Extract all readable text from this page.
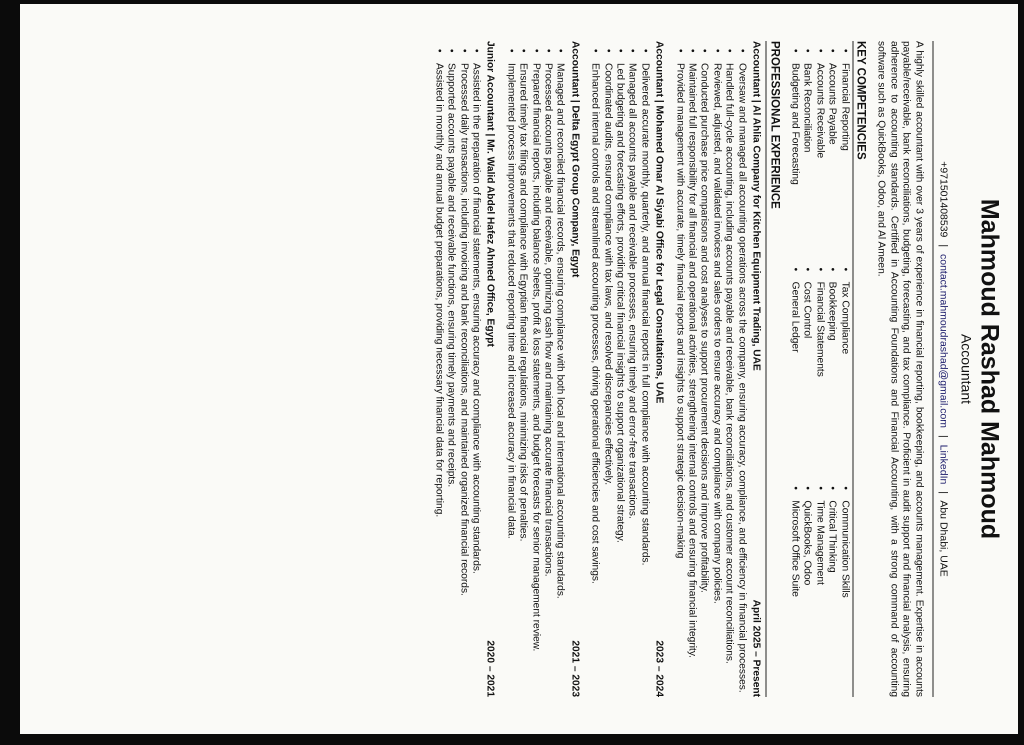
Mahmoud Rashad Mahmoud
Accountant
+971501408539 | contact.mahmoudrashad@gmail.com | LinkedIn | Abu Dhabi, UAE

A highly skilled accountant with over 3 years of experience in financial reporting, bookkeeping, and accounts management. Expertise in accounts payable/receivable, bank reconciliations, budgeting, forecasting, and tax compliance. Proficient in audit support and financial analysis, ensuring adherence to accounting standards. Certified in Accounting Foundations and Financial Accounting, with a strong command of accounting software such as QuickBooks, Odoo, and Al Ameen.

KEY COMPETENCIES
• Financial Reporting
• Accounts Payable
• Accounts Receivable
• Bank Reconciliation
• Budgeting and Forecasting
• Tax Compliance
• Bookkeeping
• Financial Statements
• Cost Control
• General Ledger
• Communication Skills
• Critical Thinking
• Time Management
• QuickBooks, Odoo
• Microsoft Office Suite
PROFESSIONAL EXPERIENCE
Accountant | Al Ahlia Company for Kitchen Equipment Trading, UAE
April 2025 – Present
• Oversaw and managed all accounting operations across the company, ensuring accuracy, compliance, and efficiency in financial processes.
• Handled full-cycle accounting, including accounts payable and receivable, bank reconciliations, and customer account reconciliations.
• Reviewed, adjusted, and validated invoices and sales orders to ensure accuracy and compliance with company policies.
• Conducted purchase price comparisons and cost analyses to support procurement decisions and improve profitability.
• Maintained full responsibility for all financial and operational activities, strengthening internal controls and ensuring financial integrity.
• Provided management with accurate, timely financial reports and insights to support strategic decision-making
Accountant | Mohamed Omar Al Siyabi Office for Legal Consultations, UAE
2023 – 2024
• Delivered accurate monthly, quarterly, and annual financial reports in full compliance with accounting standards.
• Managed all accounts payable and receivable processes, ensuring timely and error-free transactions.
• Led budgeting and forecasting efforts, providing critical financial insights to support organizational strategy.
• Coordinated audits, ensured compliance with tax laws, and resolved discrepancies effectively.
• Enhanced internal controls and streamlined accounting processes, driving operational efficiencies and cost savings.
Accountant | Delta Egypt Group Company, Egypt
2021 – 2023
• Managed and reconciled financial records, ensuring compliance with both local and international accounting standards.
• Processed accounts payable and receivable, optimizing cash flow and maintaining accurate financial transactions.
• Prepared financial reports, including balance sheets, profit & loss statements, and budget forecasts for senior management review.
• Ensured timely tax filings and compliance with Egyptian financial regulations, minimizing risks of penalties.
• Implemented process improvements that reduced reporting time and increased accuracy in financial data.
Junior Accountant | Mr. Walid Abdel Hafez Ahmed Office, Egypt
2020 – 2021
• Assisted in the preparation of financial statements, ensuring accuracy and compliance with accounting standards.
• Processed daily transactions, including invoicing and bank reconciliations, and maintained organized financial records.
• Supported accounts payable and receivable functions, ensuring timely payments and receipts.
• Assisted in monthly and annual budget preparations, providing necessary financial data for reporting.
